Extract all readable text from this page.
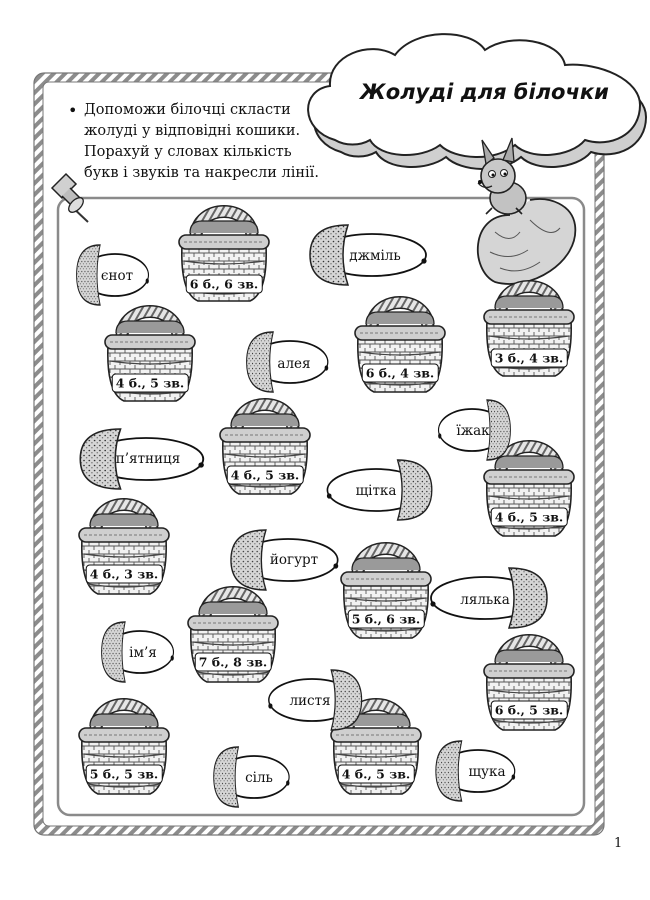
Жолуді для білочки
• Допоможи білочці скласти
жолуді у відповідні кошики.
Порахуй у словах кількість
букв і звуків та накресли лінії.
6 б., 6 зв.
4 б., 5 зв.
6 б., 4 зв.
3 б., 4 зв.
4 б., 5 зв.
4 б., 5 зв.
4 б., 3 зв.
5 б., 6 зв.
7 б., 8 зв.
6 б., 5 зв.
5 б., 5 зв.	4 б., 5 зв.
єнот
джміль
алея
їжак
п’ятниця
щітка
йогурт
лялька
ім’я
листя
сіль	щука
1
